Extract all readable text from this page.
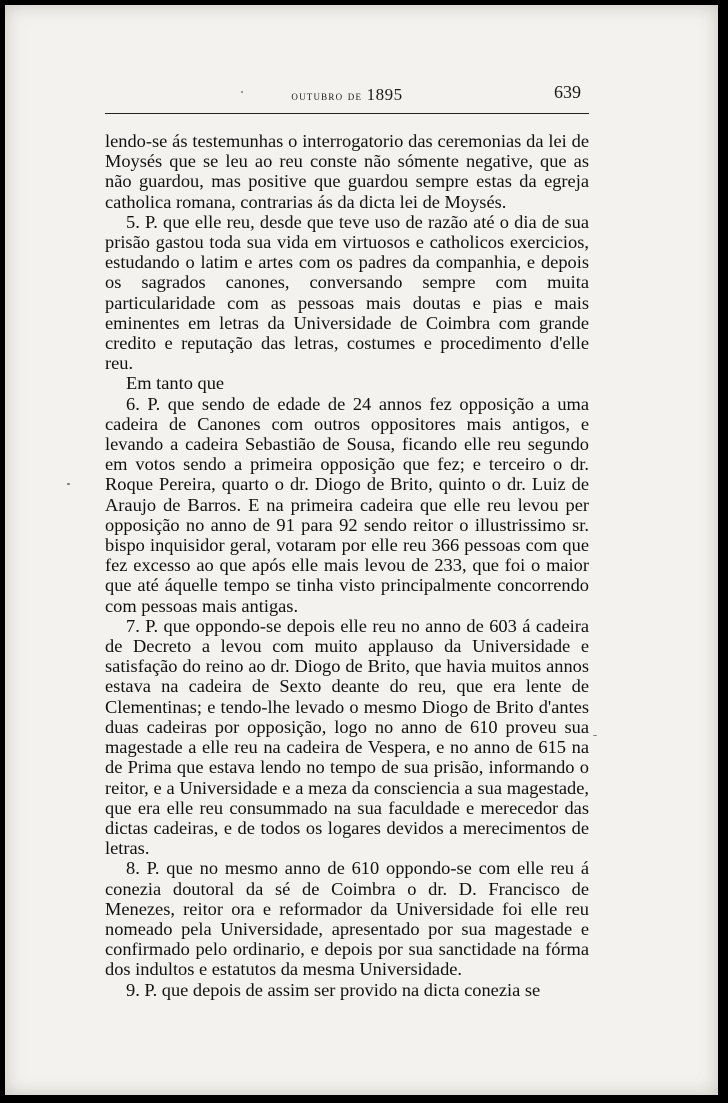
outubro de 1895	639

lendo-se ás testemunhas o interrogatorio das ceremonias da lei de Moysés que se leu ao reu conste não sómente negative, que as não guardou, mas positive que guardou sempre estas da egreja catholica romana, contrarias ás da dicta lei de Moysés.

5. P. que elle reu, desde que teve uso de razão até o dia de sua prisão gastou toda sua vida em virtuosos e catholicos exercicios, estudando o latim e artes com os padres da companhia, e depois os sagrados canones, conversando sempre com muita particularidade com as pessoas mais doutas e pias e mais eminentes em letras da Universidade de Coimbra com grande credito e reputação das letras, costumes e procedimento d'elle reu.

Em tanto que

6. P. que sendo de edade de 24 annos fez opposição a uma cadeira de Canones com outros oppositores mais antigos, e levando a cadeira Sebastião de Sousa, ficando elle reu segundo em votos sendo a primeira opposição que fez; e terceiro o dr. Roque Pereira, quarto o dr. Diogo de Brito, quinto o dr. Luiz de Araujo de Barros. E na primeira cadeira que elle reu levou per opposição no anno de 91 para 92 sendo reitor o illustrissimo sr. bispo inquisidor geral, votaram por elle reu 366 pessoas com que fez excesso ao que após elle mais levou de 233, que foi o maior que até áquelle tempo se tinha visto principalmente concorrendo com pessoas mais antigas.

7. P. que oppondo-se depois elle reu no anno de 603 á cadeira de Decreto a levou com muito applauso da Universidade e satisfação do reino ao dr. Diogo de Brito, que havia muitos annos estava na cadeira de Sexto deante do reu, que era lente de Clementinas; e tendo-lhe levado o mesmo Diogo de Brito d'antes duas cadeiras por opposição, logo no anno de 610 proveu sua magestade a elle reu na cadeira de Vespera, e no anno de 615 na de Prima que estava lendo no tempo de sua prisão, informando o reitor, e a Universidade e a meza da consciencia a sua magestade, que era elle reu consummado na sua faculdade e merecedor das dictas cadeiras, e de todos os logares devidos a merecimentos de letras.

8. P. que no mesmo anno de 610 oppondo-se com elle reu á conezia doutoral da sé de Coimbra o dr. D. Francisco de Menezes, reitor ora e reformador da Universidade foi elle reu nomeado pela Universidade, apresentado por sua magestade e confirmado pelo ordinario, e depois por sua sanctidade na fórma dos indultos e estatutos da mesma Universidade.

9. P. que depois de assim ser provido na dicta conezia se
